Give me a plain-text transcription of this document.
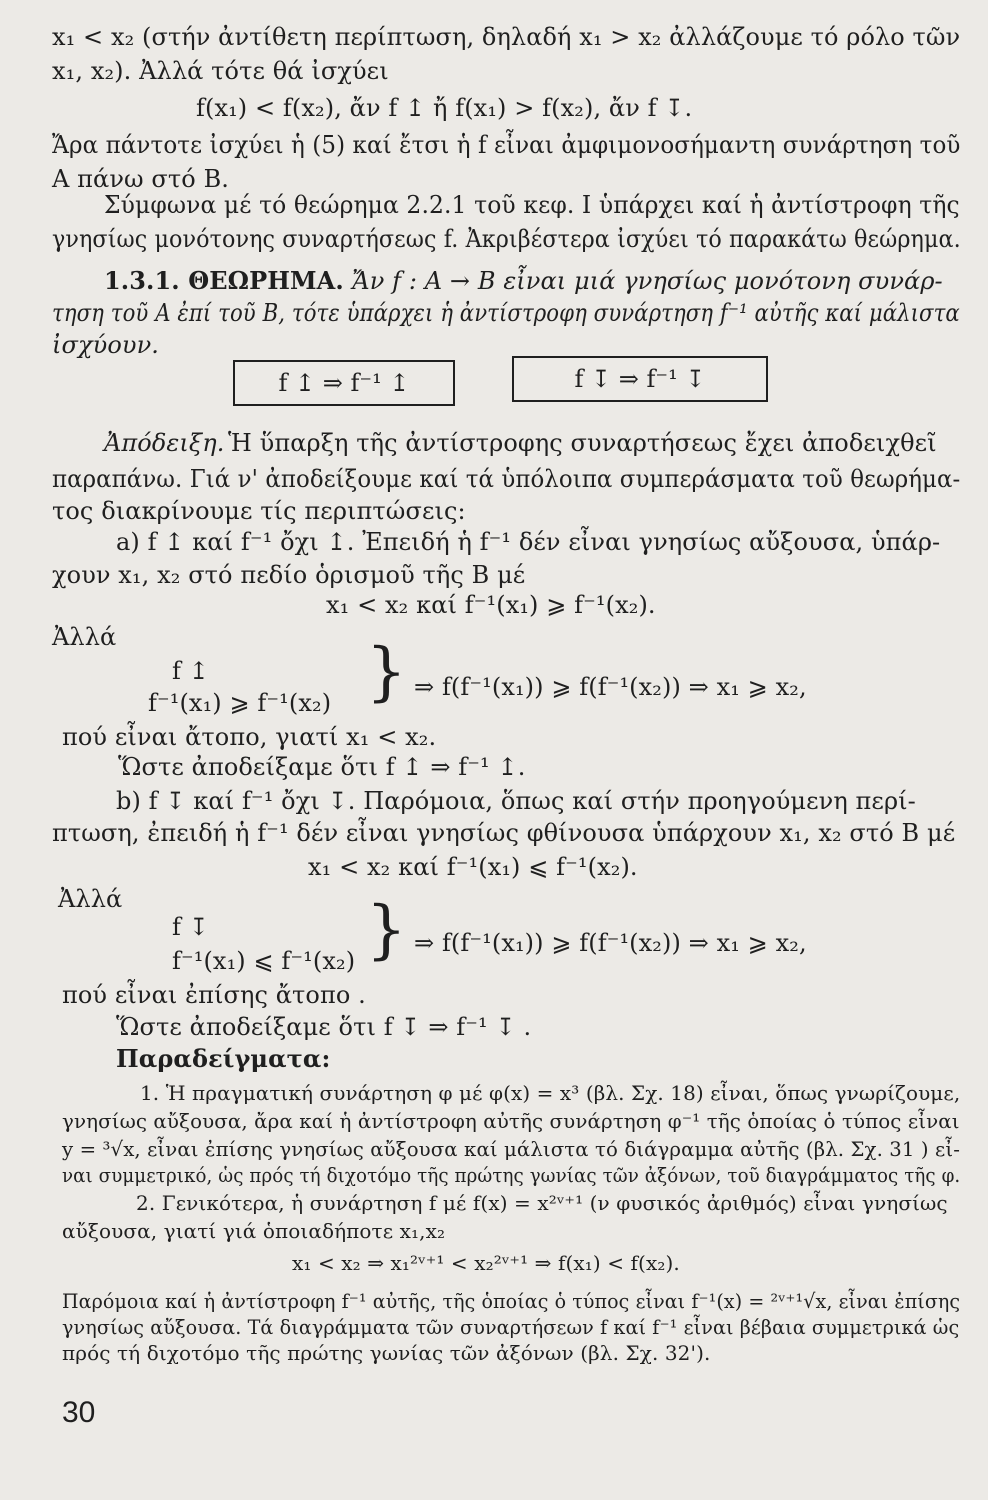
x₁ < x₂ (στήν ἀντίθετη περίπτωση, δηλαδή x₁ > x₂ ἀλλάζουμε τό ρόλο τῶν
x₁, x₂). Ἀλλά τότε θά ἰσχύει
f(x₁) < f(x₂), ἄν f ↥ ἤ f(x₁) > f(x₂), ἄν f ↧.
Ἄρα πάντοτε ἰσχύει ἡ (5) καί ἔτσι ἡ f εἶναι ἀμφιμονοσήμαντη συνάρτηση τοῦ
Α πάνω στό Β.
Σύμφωνα μέ τό θεώρημα 2.2.1 τοῦ κεφ. Ι ὑπάρχει καί ἡ ἀντίστροφη τῆς
γνησίως μονότονης συναρτήσεως f. Ἀκριβέστερα ἰσχύει τό παρακάτω θεώρημα.
1.3.1. ΘΕΩΡΗΜΑ. Ἄν f : A → B εἶναι μιά γνησίως μονότονη συνάρ-
τηση τοῦ A ἐπί τοῦ B, τότε ὑπάρχει ἡ ἀντίστροφη συνάρτηση f⁻¹ αὐτῆς καί μάλιστα
ἰσχύουν.
f ↥ ⇒ f⁻¹ ↥	f ↧ ⇒ f⁻¹ ↧
Ἀπόδειξη. Ἡ ὕπαρξη τῆς ἀντίστροφης συναρτήσεως ἔχει ἀποδειχθεῖ
παραπάνω. Γιά ν' ἀποδείξουμε καί τά ὑπόλοιπα συμπεράσματα τοῦ θεωρήμα-
τος διακρίνουμε τίς περιπτώσεις:
a) f ↥ καί f⁻¹ ὄχι ↥. Ἐπειδή ἡ f⁻¹ δέν εἶναι γνησίως αὔξουσα, ὑπάρ-
χουν x₁, x₂ στό πεδίο ὁρισμοῦ τῆς Β μέ
x₁ < x₂ καί f⁻¹(x₁) ⩾ f⁻¹(x₂).
Ἀλλά
f ↥
f⁻¹(x₁) ⩾ f⁻¹(x₂) } ⇒ f(f⁻¹(x₁)) ⩾ f(f⁻¹(x₂)) ⇒ x₁ ⩾ x₂,
πού εἶναι ἄτοπο, γιατί x₁ < x₂.
Ὥστε ἀποδείξαμε ὅτι f ↥ ⇒ f⁻¹ ↥.
b) f ↧ καί f⁻¹ ὄχι ↧. Παρόμοια, ὅπως καί στήν προηγούμενη περί-
πτωση, ἐπειδή ἡ f⁻¹ δέν εἶναι γνησίως φθίνουσα ὑπάρχουν x₁, x₂ στό Β μέ
x₁ < x₂ καί f⁻¹(x₁) ⩽ f⁻¹(x₂).
Ἀλλά
f ↧
f⁻¹(x₁) ⩽ f⁻¹(x₂) } ⇒ f(f⁻¹(x₁)) ⩾ f(f⁻¹(x₂)) ⇒ x₁ ⩾ x₂,
πού εἶναι ἐπίσης ἄτοπο .
Ὥστε ἀποδείξαμε ὅτι f ↧ ⇒ f⁻¹ ↧ .
Παραδείγματα:
1. Ἡ πραγματική συνάρτηση φ μέ φ(x) = x³ (βλ. Σχ. 18) εἶναι, ὅπως γνωρίζουμε,
γνησίως αὔξουσα, ἄρα καί ἡ ἀντίστροφη αὐτῆς συνάρτηση φ⁻¹ τῆς ὁποίας ὁ τύπος εἶναι
y = ³√x, εἶναι ἐπίσης γνησίως αὔξουσα καί μάλιστα τό διάγραμμα αὐτῆς (βλ. Σχ. 31 ) εἶ-
ναι συμμετρικό, ὡς πρός τή διχοτόμο τῆς πρώτης γωνίας τῶν ἀξόνων, τοῦ διαγράμματος τῆς φ.
2. Γενικότερα, ἡ συνάρτηση f μέ f(x) = x²ᵛ⁺¹ (ν φυσικός ἀριθμός) εἶναι γνησίως
αὔξουσα, γιατί γιά ὁποιαδήποτε x₁,x₂
x₁ < x₂ ⇒ x₁²ᵛ⁺¹ < x₂²ᵛ⁺¹ ⇒ f(x₁) < f(x₂).
Παρόμοια καί ἡ ἀντίστροφη f⁻¹ αὐτῆς, τῆς ὁποίας ὁ τύπος εἶναι f⁻¹(x) = ²ᵛ⁺¹√x, εἶναι ἐπίσης
γνησίως αὔξουσα. Τά διαγράμματα τῶν συναρτήσεων f καί f⁻¹ εἶναι βέβαια συμμετρικά ὡς
πρός τή διχοτόμο τῆς πρώτης γωνίας τῶν ἀξόνων (βλ. Σχ. 32').
30
